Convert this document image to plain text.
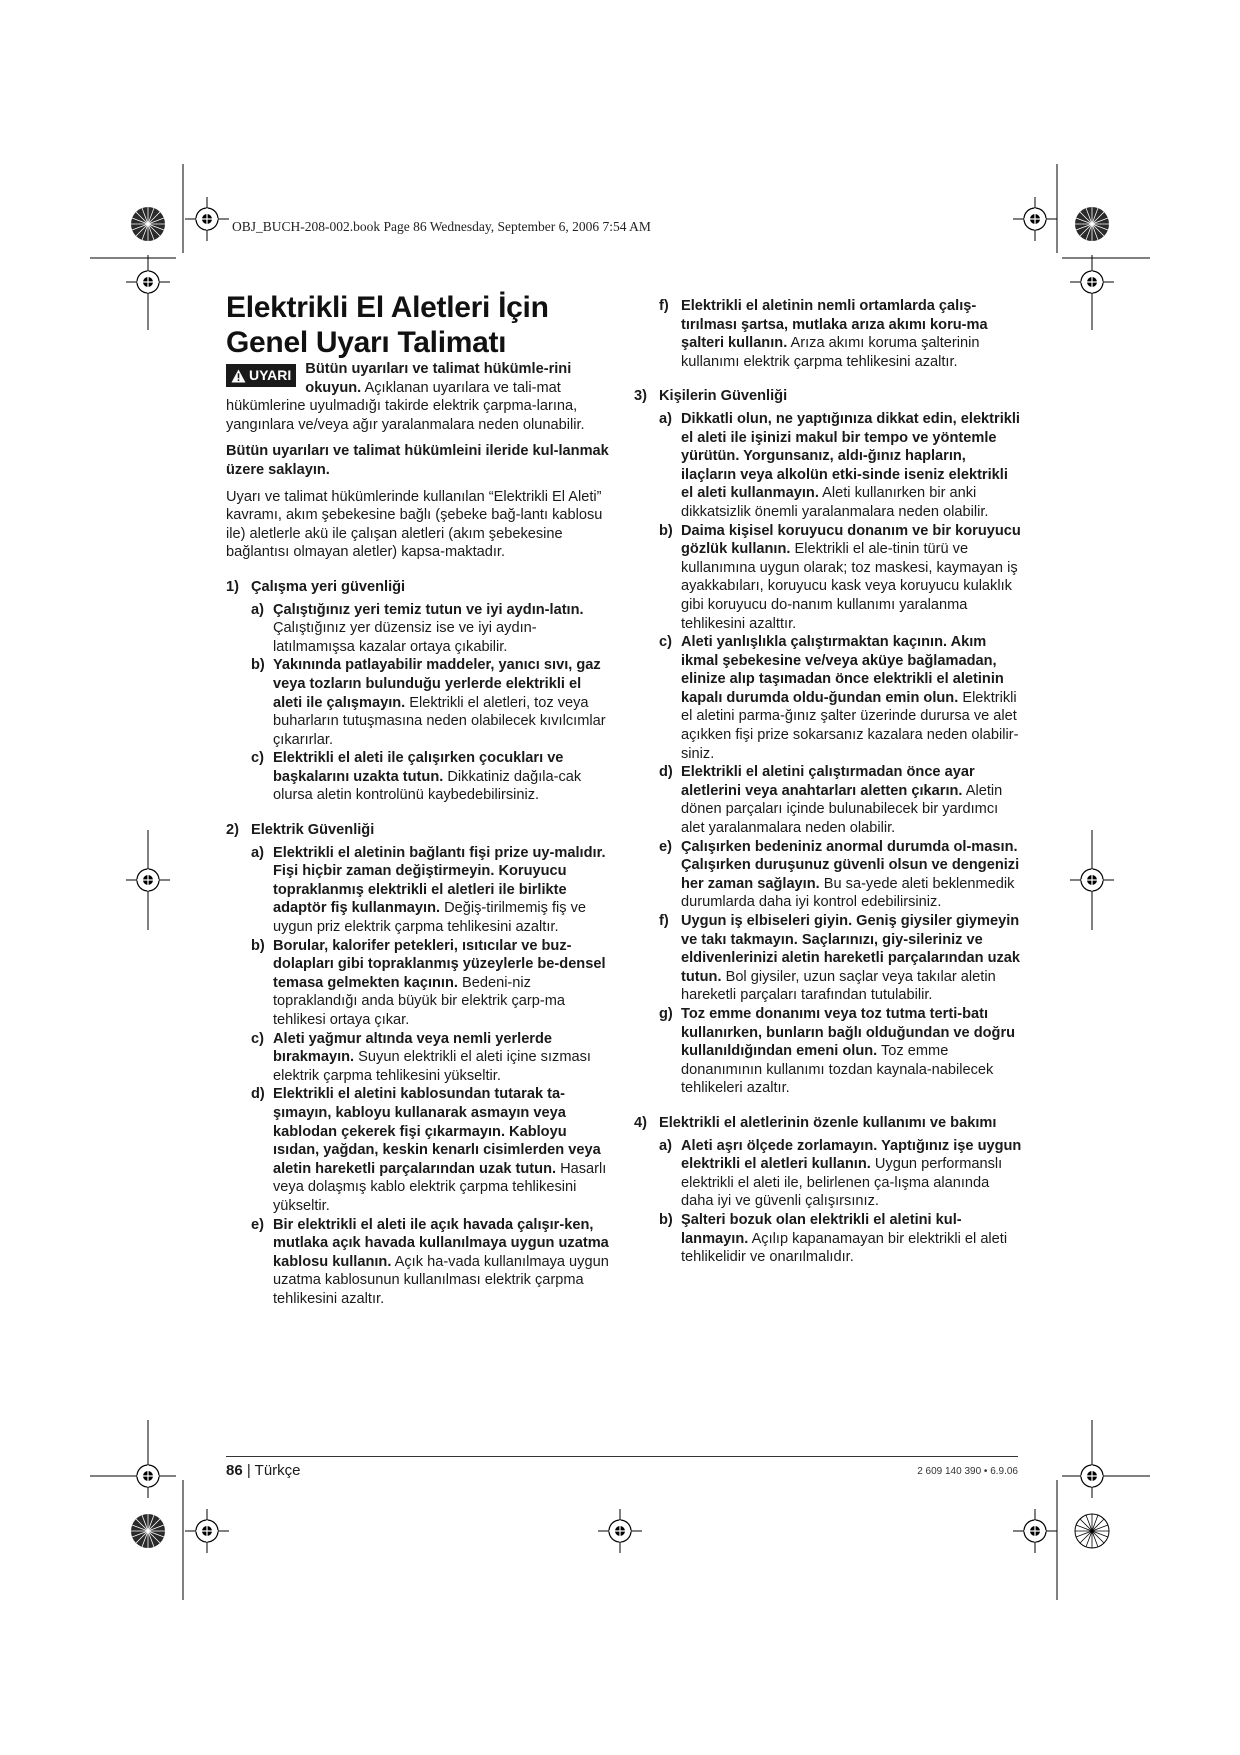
OBJ_BUCH-208-002.book Page 86 Wednesday, September 6, 2006 7:54 AM
Elektrikli El Aletleri İçin
Genel Uyarı Talimatı

UYARI Bütün uyarıları ve talimat hükümle-rini okuyun. Açıklanan uyarılara ve tali-mat hükümlerine uyulmadığı takirde elektrik çarpma-larına, yangınlara ve/veya ağır yaralanmalara neden olunabilir.

Bütün uyarıları ve talimat hükümleini ileride kul-lanmak üzere saklayın.

Uyarı ve talimat hükümlerinde kullanılan “Elektrikli El Aleti” kavramı, akım şebekesine bağlı (şebeke bağ-lantı kablosu ile) aletlerle akü ile çalışan aletleri (akım şebekesine bağlantısı olmayan aletler) kapsa-maktadır.

1) Çalışma yeri güvenliği

a) Çalıştığınız yeri temiz tutun ve iyi aydın-latın. Çalıştığınız yer düzensiz ise ve iyi aydın-latılmamışsa kazalar ortaya çıkabilir.

b) Yakınında patlayabilir maddeler, yanıcı sıvı, gaz veya tozların bulunduğu yerlerde elektrikli el aleti ile çalışmayın. Elektrikli el aletleri, toz veya buharların tutuşmasına neden olabilecek kıvılcımlar çıkarırlar.

c) Elektrikli el aleti ile çalışırken çocukları ve başkalarını uzakta tutun. Dikkatiniz dağıla-cak olursa aletin kontrolünü kaybedebilirsiniz.

2) Elektrik Güvenliği

a) Elektrikli el aletinin bağlantı fişi prize uy-malıdır. Fişi hiçbir zaman değiştirmeyin. Koruyucu topraklanmış elektrikli el aletleri ile birlikte adaptör fiş kullanmayın. Değiş-tirilmemiş fiş ve uygun priz elektrik çarpma tehlikesini azaltır.

b) Borular, kalorifer petekleri, ısıtıcılar ve buz-dolapları gibi topraklanmış yüzeylerle be-densel temasa gelmekten kaçının. Bedeni-niz topraklandığı anda büyük bir elektrik çarp-ma tehlikesi ortaya çıkar.

c) Aleti yağmur altında veya nemli yerlerde bırakmayın. Suyun elektrikli el aleti içine sızması elektrik çarpma tehlikesini yükseltir.

d) Elektrikli el aletini kablosundan tutarak ta-şımayın, kabloyu kullanarak asmayın veya kablodan çekerek fişi çıkarmayın. Kabloyu ısıdan, yağdan, keskin kenarlı cisimlerden veya aletin hareketli parçalarından uzak tutun. Hasarlı veya dolaşmış kablo elektrik çarpma tehlikesini yükseltir.

e) Bir elektrikli el aleti ile açık havada çalışır-ken, mutlaka açık havada kullanılmaya uygun uzatma kablosu kullanın. Açık ha-vada kullanılmaya uygun uzatma kablosunun kullanılması elektrik çarpma tehlikesini azaltır.

f) Elektrikli el aletinin nemli ortamlarda çalış-tırılması şartsa, mutlaka arıza akımı koru-ma şalteri kullanın. Arıza akımı koruma şalterinin kullanımı elektrik çarpma tehlikesini azaltır.

3) Kişilerin Güvenliği

a) Dikkatli olun, ne yaptığınıza dikkat edin, elektrikli el aleti ile işinizi makul bir tempo ve yöntemle yürütün. Yorgunsanız, aldı-ğınız hapların, ilaçların veya alkolün etki-sinde iseniz elektrikli el aleti kullanmayın. Aleti kullanırken bir anki dikkatsizlik önemli yaralanmalara neden olabilir.

b) Daima kişisel koruyucu donanım ve bir koruyucu gözlük kullanın. Elektrikli el ale-tinin türü ve kullanımına uygun olarak; toz maskesi, kaymayan iş ayakkabıları, koruyucu kask veya koruyucu kulaklık gibi koruyucu do-nanım kullanımı yaralanma tehlikesini azalttır.

c) Aleti yanlışlıkla çalıştırmaktan kaçının. Akım ikmal şebekesine ve/veya aküye bağlamadan, elinize alıp taşımadan önce elektrikli el aletinin kapalı durumda oldu-ğundan emin olun. Elektrikli el aletini parma-ğınız şalter üzerinde durursa ve alet açıkken fişi prize sokarsanız kazalara neden olabilir-siniz.

d) Elektrikli el aletini çalıştırmadan önce ayar aletlerini veya anahtarları aletten çıkarın. Aletin dönen parçaları içinde bulunabilecek bir yardımcı alet yaralanmalara neden olabilir.

e) Çalışırken bedeniniz anormal durumda ol-masın. Çalışırken duruşunuz güvenli olsun ve dengenizi her zaman sağlayın. Bu sa-yede aleti beklenmedik durumlarda daha iyi kontrol edebilirsiniz.

f) Uygun iş elbiseleri giyin. Geniş giysiler giymeyin ve takı takmayın. Saçlarınızı, giy-sileriniz ve eldivenlerinizi aletin hareketli parçalarından uzak tutun. Bol giysiler, uzun saçlar veya takılar aletin hareketli parçaları tarafından tutulabilir.

g) Toz emme donanımı veya toz tutma terti-batı kullanırken, bunların bağlı olduğundan ve doğru kullanıldığından emeni olun. Toz emme donanımının kullanımı tozdan kaynala-nabilecek tehlikeleri azaltır.

4) Elektrikli el aletlerinin özenle kullanımı ve bakımı

a) Aleti aşrı ölçede zorlamayın. Yaptığınız işe uygun elektrikli el aletleri kullanın. Uygun performanslı elektrikli el aleti ile, belirlenen ça-lışma alanında daha iyi ve güvenli çalışırsınız.

b) Şalteri bozuk olan elektrikli el aletini kul-lanmayın. Açılıp kapanamayan bir elektrikli el aleti tehlikelidir ve onarılmalıdır.

86 | Türkçe	2 609 140 390 • 6.9.06
